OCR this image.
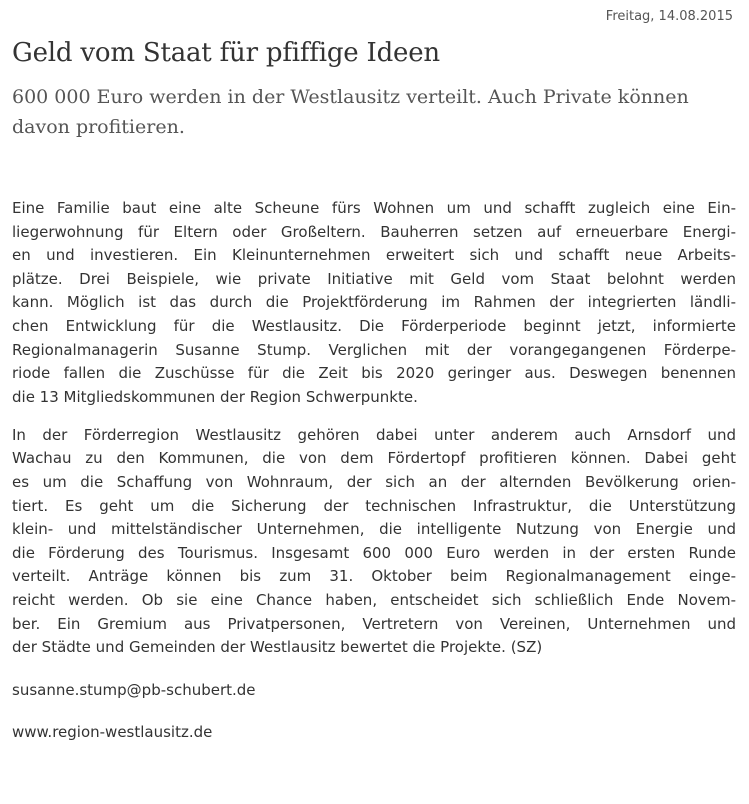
Freitag, 14.08.2015
Geld vom Staat für pfiffige Ideen
600 000 Euro werden in der Westlausitz verteilt. Auch Private können davon profitieren.
Eine Familie baut eine alte Scheune fürs Wohnen um und schafft zugleich eine Ein-
liegerwohnung für Eltern oder Großeltern. Bauherren setzen auf erneuerbare Energi-
en und investieren. Ein Kleinunternehmen erweitert sich und schafft neue Arbeits-
plätze. Drei Beispiele, wie private Initiative mit Geld vom Staat belohnt werden
kann. Möglich ist das durch die Projektförderung im Rahmen der integrierten ländli-
chen Entwicklung für die Westlausitz. Die Förderperiode beginnt jetzt, informierte
Regionalmanagerin Susanne Stump. Verglichen mit der vorangegangenen Förderpe-
riode fallen die Zuschüsse für die Zeit bis 2020 geringer aus. Deswegen benennen
die 13 Mitgliedskommunen der Region Schwerpunkte.
In der Förderregion Westlausitz gehören dabei unter anderem auch Arnsdorf und
Wachau zu den Kommunen, die von dem Fördertopf profitieren können. Dabei geht
es um die Schaffung von Wohnraum, der sich an der alternden Bevölkerung orien-
tiert. Es geht um die Sicherung der technischen Infrastruktur, die Unterstützung
klein- und mittelständischer Unternehmen, die intelligente Nutzung von Energie und
die Förderung des Tourismus. Insgesamt 600 000 Euro werden in der ersten Runde
verteilt. Anträge können bis zum 31. Oktober beim Regionalmanagement einge-
reicht werden. Ob sie eine Chance haben, entscheidet sich schließlich Ende Novem-
ber. Ein Gremium aus Privatpersonen, Vertretern von Vereinen, Unternehmen und
der Städte und Gemeinden der Westlausitz bewertet die Projekte. (SZ)

susanne.stump@pb-schubert.de

www.region-westlausitz.de
